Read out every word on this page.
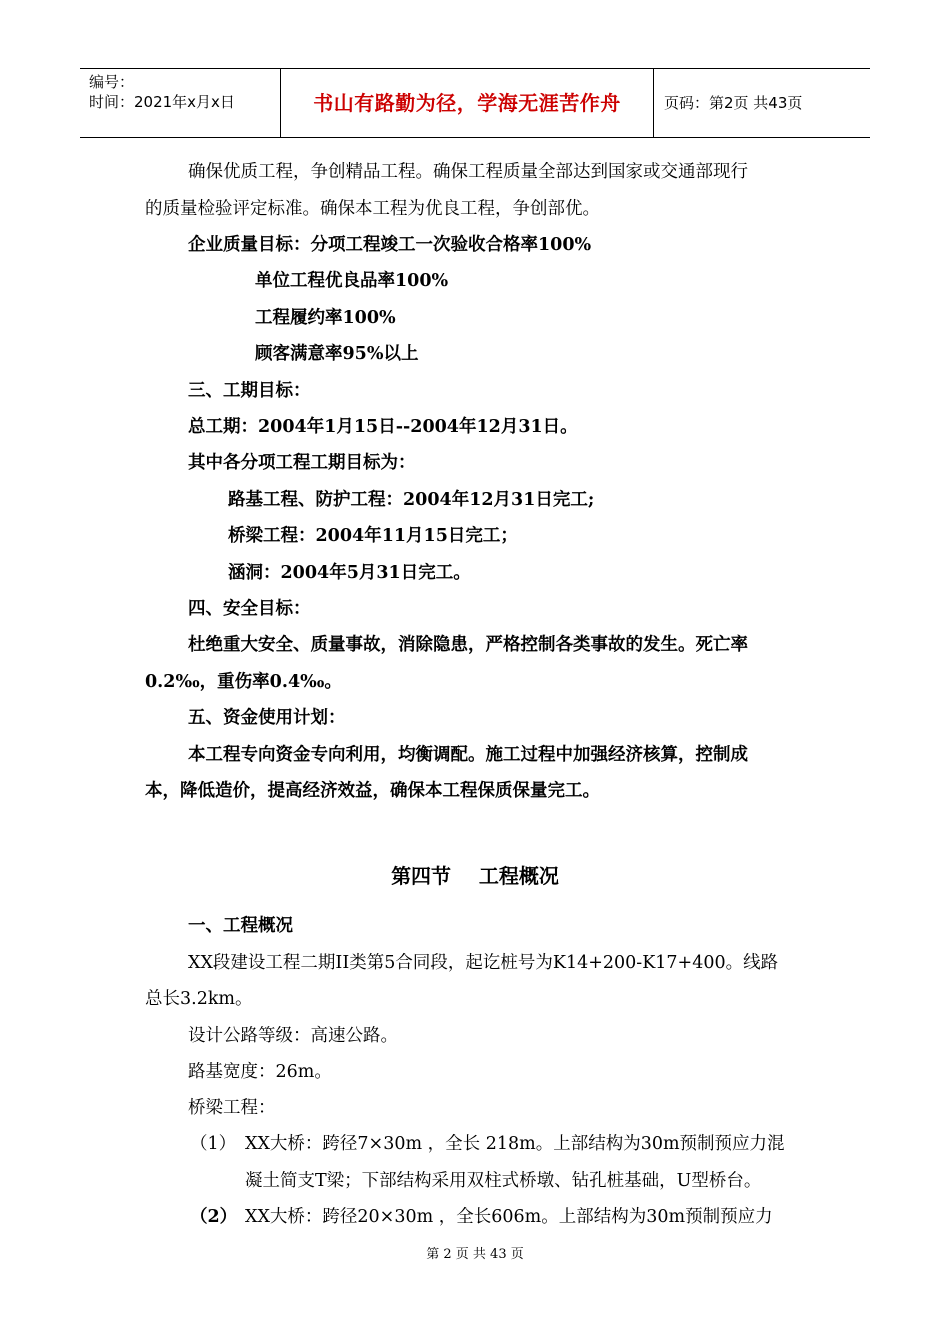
编号：
时间：2021年x月x日	书山有路勤为径，学海无涯苦作舟	页码：第2页 共43页
确保优质工程，争创精品工程。确保工程质量全部达到国家或交通部现行
的质量检验评定标准。确保本工程为优良工程，争创部优。
企业质量目标：分项工程竣工一次验收合格率100%
单位工程优良品率100%
工程履约率100%
顾客满意率95%以上
三、工期目标：
总工期：2004年1月15日--2004年12月31日。
其中各分项工程工期目标为：
路基工程、防护工程：2004年12月31日完工;
桥梁工程：2004年11月15日完工；
涵洞：2004年5月31日完工。
四、安全目标：
杜绝重大安全、质量事故，消除隐患，严格控制各类事故的发生。死亡率
0.2‰，重伤率0.4‰。
五、资金使用计划：
本工程专向资金专向利用，均衡调配。施工过程中加强经济核算，控制成
本，降低造价，提高经济效益，确保本工程保质保量完工。
第四节    工程概况
一、工程概况
XX段建设工程二期II类第5合同段，起讫桩号为K14+200-K17+400。线路
总长3.2km。
设计公路等级：高速公路。
路基宽度：26m。
桥梁工程：
（1） XX大桥：跨径7×30m ，全长 218m。上部结构为30m预制预应力混
凝土简支T梁；下部结构采用双柱式桥墩、钻孔桩基础，U型桥台。
（2） XX大桥：跨径20×30m ，全长606m。上部结构为30m预制预应力
第 2 页 共 43 页
